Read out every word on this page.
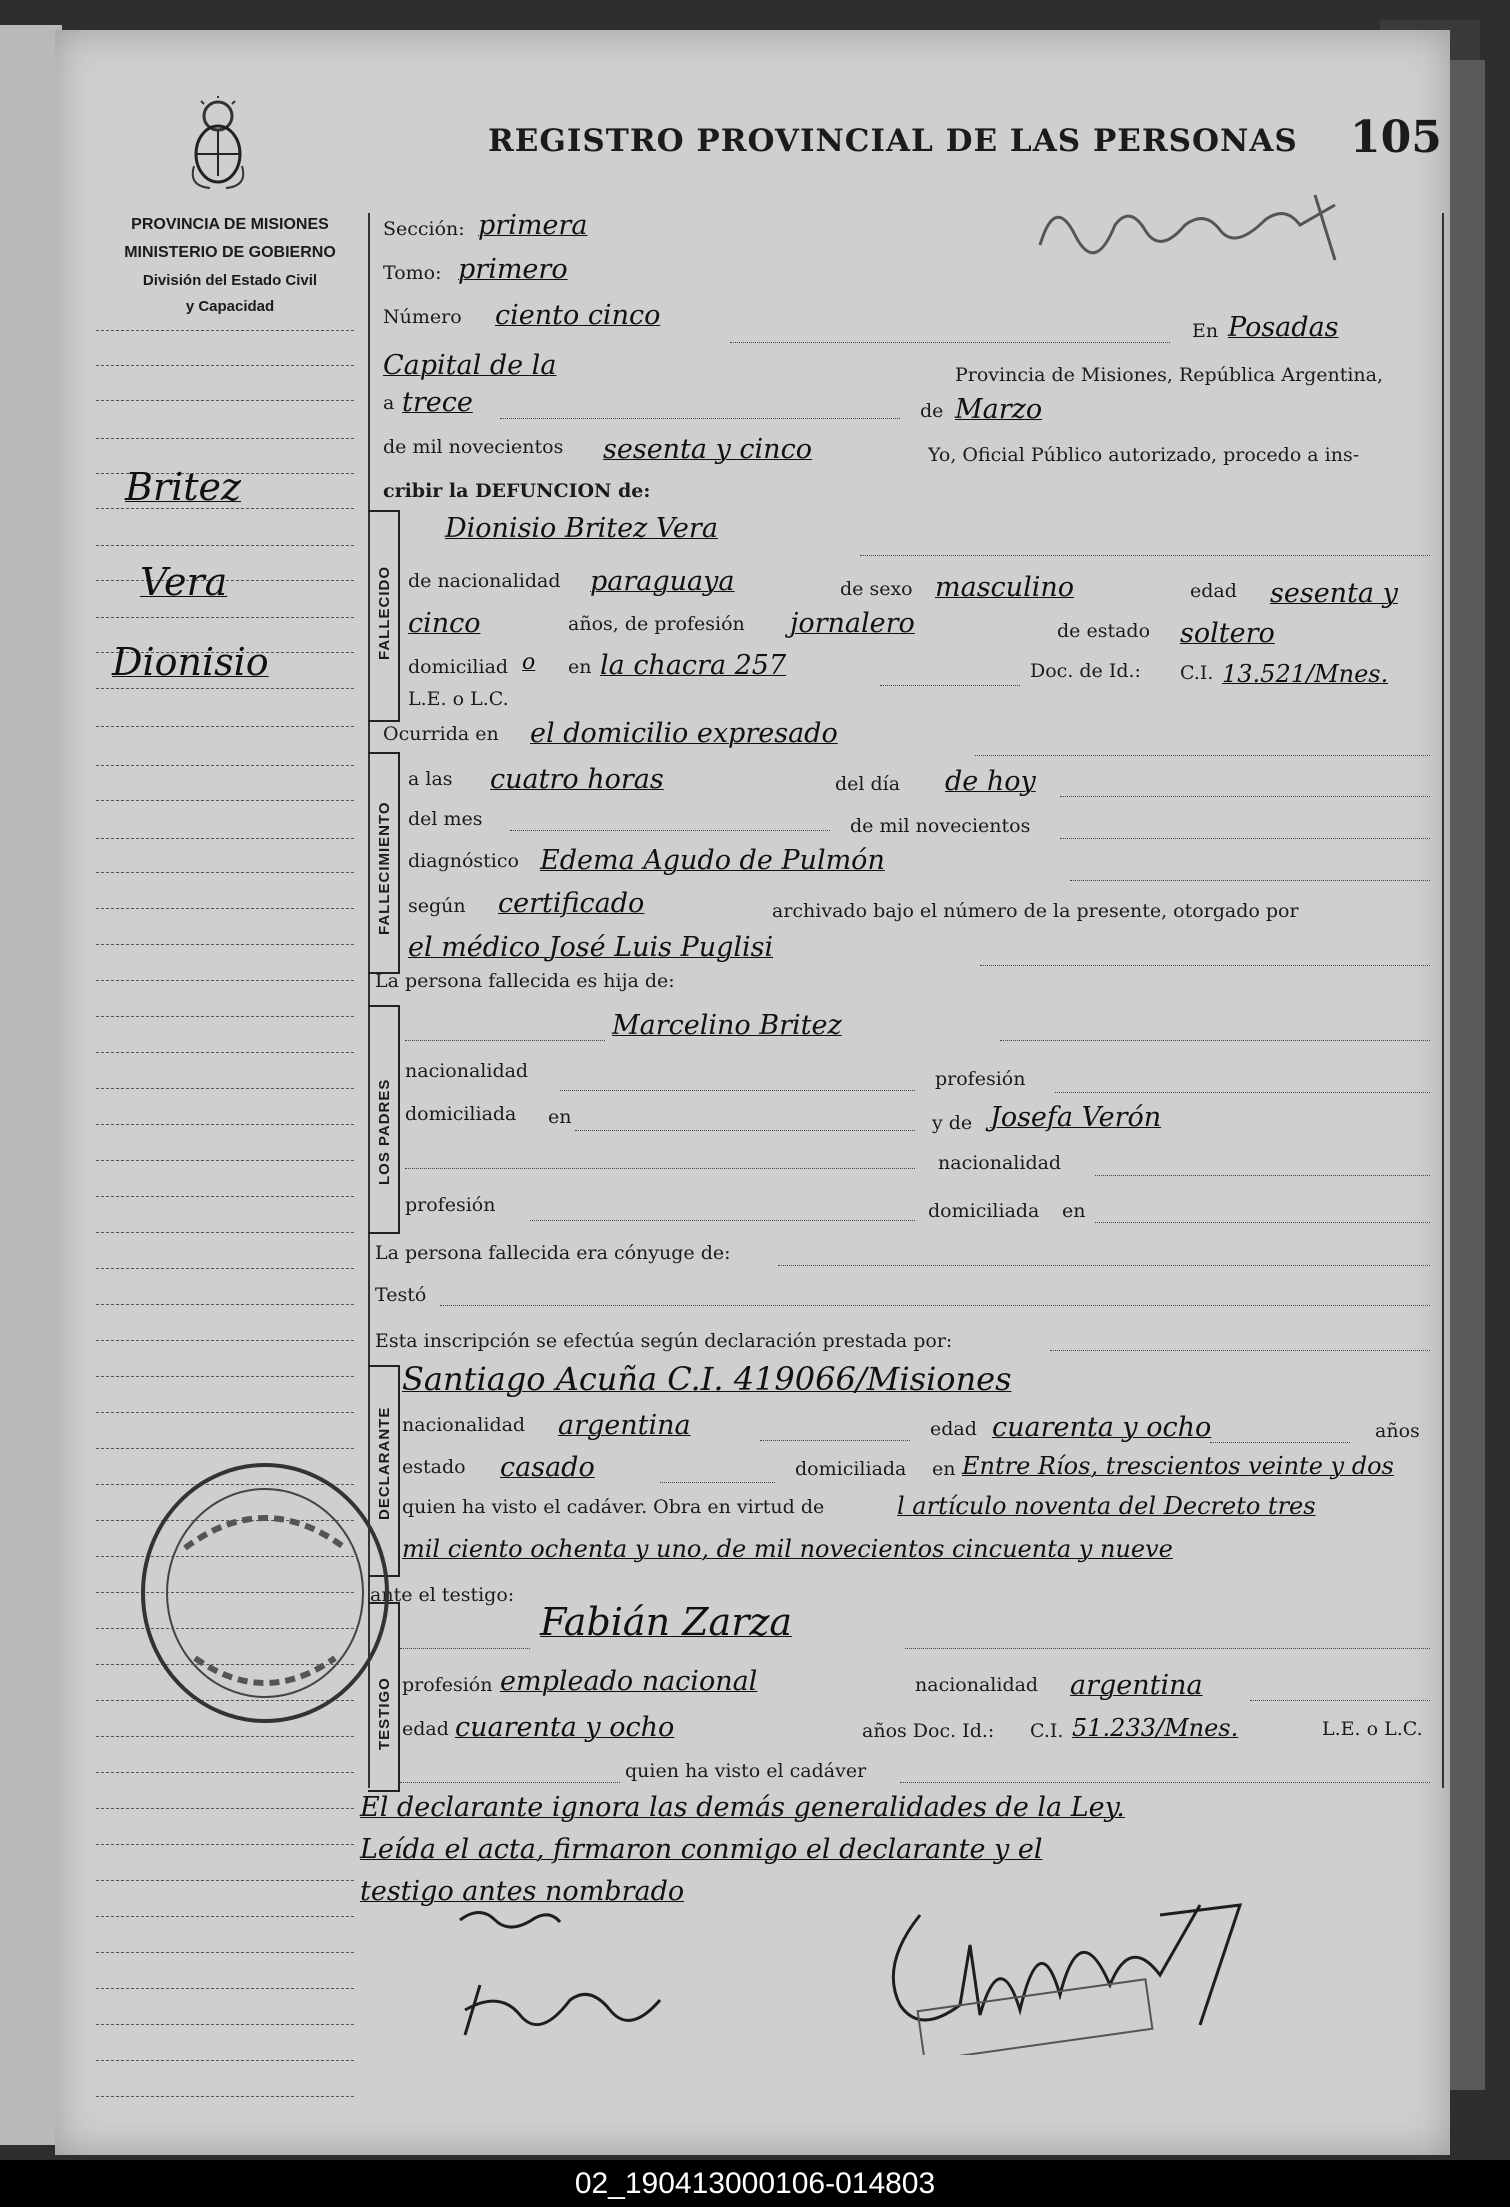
PROVINCIA DE MISIONES
MINISTERIO DE GOBIERNO
División del Estado Civil
y Capacidad
REGISTRO PROVINCIAL DE LAS PERSONAS 105
Britez
Vera
Dionisio
Sección: primera
Tomo: primero
Número ciento cinco	En Posadas
Capital de la	Provincia de Misiones, República Argentina,
a trece	de Marzo
de mil novecientos sesenta y cinco	Yo, Oficial Público autorizado, procedo a ins-
cribir la DEFUNCION de:
FALLECIDO
Dionisio Britez Vera
de nacionalidad paraguaya	de sexo masculino	edad sesenta y
cinco	años, de profesión jornalero	de estado soltero
domiciliad o en la chacra 257	Doc. de Id.: C.I. 13.521/Mnes.
L.E. o L.C.
Ocurrida en el domicilio expresado
FALLECIMIENTO
a las cuatro horas	del día de hoy
del mes	de mil novecientos
diagnóstico Edema Agudo de Pulmón
según certificado	archivado bajo el número de la presente, otorgado por
el médico José Luis Puglisi
La persona fallecida es hija de:
LOS PADRES
Marcelino Britez
nacionalidad	profesión
domiciliada en	y de Josefa Verón
nacionalidad
profesión	domiciliada en
La persona fallecida era cónyuge de:
Testó
Esta inscripción se efectúa según declaración prestada por:
DECLARANTE
Santiago Acuña C.I. 419066/Misiones
nacionalidad argentina	edad cuarenta y ocho	años
estado casado	domiciliada en Entre Ríos, trescientos veinte y dos
quien ha visto el cadáver. Obra en virtud de	l artículo noventa del Decreto tres
mil ciento ochenta y uno, de mil novecientos cincuenta y nueve
ante el testigo:
TESTIGO
Fabián Zarza
profesión empleado nacional	nacionalidad argentina
edad cuarenta y ocho	años Doc. Id.: C.I. 51.233/Mnes.	L.E. o L.C.
quien ha visto el cadáver
El declarante ignora las demás generalidades de la Ley.
Leída el acta, firmaron conmigo el declarante y el
testigo antes nombrado
02_190413000106-014803
